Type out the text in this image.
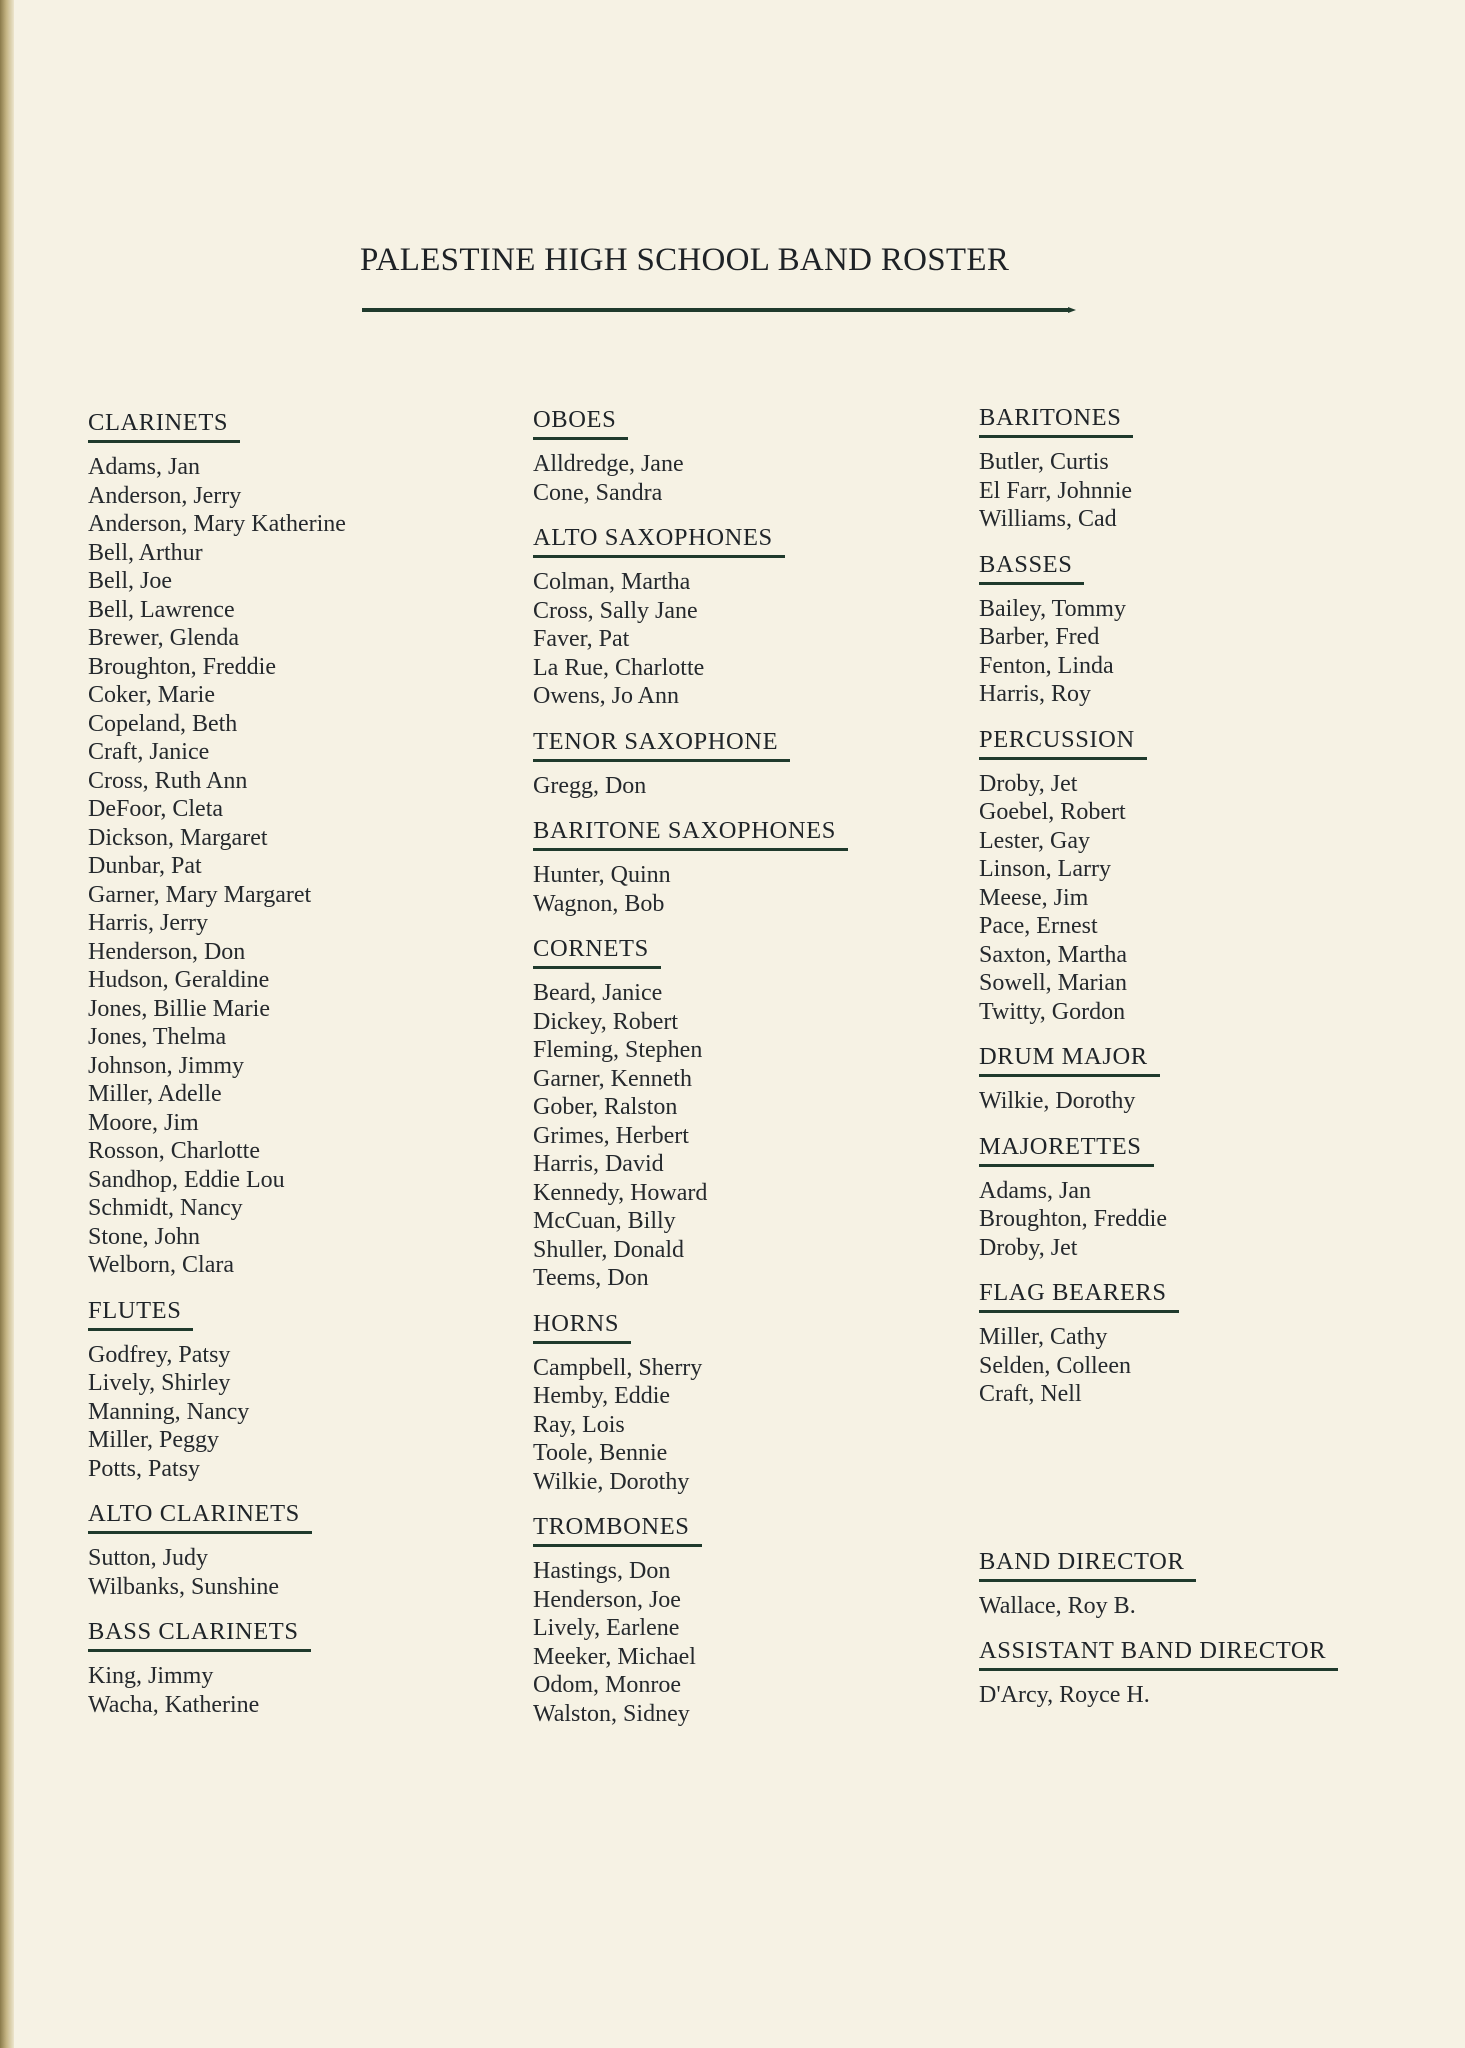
PALESTINE HIGH SCHOOL BAND ROSTER
CLARINETS
Adams, Jan
Anderson, Jerry
Anderson, Mary Katherine
Bell, Arthur
Bell, Joe
Bell, Lawrence
Brewer, Glenda
Broughton, Freddie
Coker, Marie
Copeland, Beth
Craft, Janice
Cross, Ruth Ann
DeFoor, Cleta
Dickson, Margaret
Dunbar, Pat
Garner, Mary Margaret
Harris, Jerry
Henderson, Don
Hudson, Geraldine
Jones, Billie Marie
Jones, Thelma
Johnson, Jimmy
Miller, Adelle
Moore, Jim
Rosson, Charlotte
Sandhop, Eddie Lou
Schmidt, Nancy
Stone, John
Welborn, Clara
FLUTES
Godfrey, Patsy
Lively, Shirley
Manning, Nancy
Miller, Peggy
Potts, Patsy
ALTO CLARINETS
Sutton, Judy
Wilbanks, Sunshine
BASS CLARINETS
King, Jimmy
Wacha, Katherine
OBOES
Alldredge, Jane
Cone, Sandra
ALTO SAXOPHONES
Colman, Martha
Cross, Sally Jane
Faver, Pat
La Rue, Charlotte
Owens, Jo Ann
TENOR SAXOPHONE
Gregg, Don
BARITONE SAXOPHONES
Hunter, Quinn
Wagnon, Bob
CORNETS
Beard, Janice
Dickey, Robert
Fleming, Stephen
Garner, Kenneth
Gober, Ralston
Grimes, Herbert
Harris, David
Kennedy, Howard
McCuan, Billy
Shuller, Donald
Teems, Don
HORNS
Campbell, Sherry
Hemby, Eddie
Ray, Lois
Toole, Bennie
Wilkie, Dorothy
TROMBONES
Hastings, Don
Henderson, Joe
Lively, Earlene
Meeker, Michael
Odom, Monroe
Walston, Sidney
BARITONES
Butler, Curtis
El Farr, Johnnie
Williams, Cad
BASSES
Bailey, Tommy
Barber, Fred
Fenton, Linda
Harris, Roy
PERCUSSION
Droby, Jet
Goebel, Robert
Lester, Gay
Linson, Larry
Meese, Jim
Pace, Ernest
Saxton, Martha
Sowell, Marian
Twitty, Gordon
DRUM MAJOR
Wilkie, Dorothy
MAJORETTES
Adams, Jan
Broughton, Freddie
Droby, Jet
FLAG BEARERS
Miller, Cathy
Selden, Colleen
Craft, Nell
BAND DIRECTOR
Wallace, Roy B.
ASSISTANT BAND DIRECTOR
D'Arcy, Royce H.
